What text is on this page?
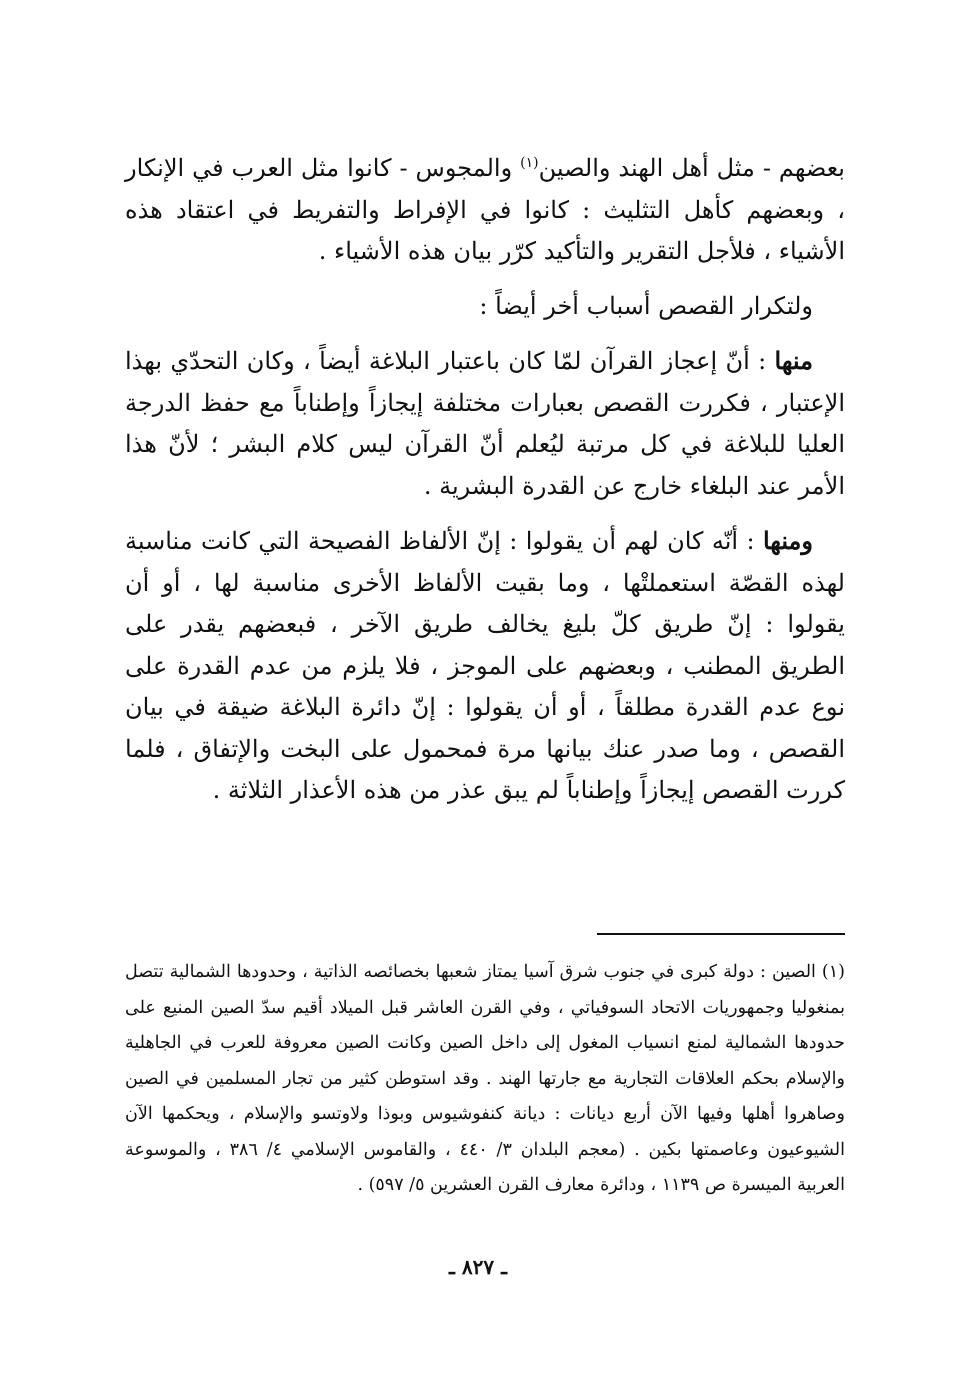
بعضهم - مثل أهل الهند والصين$^{(١)}$ والمجوس - كانوا مثل العرب في الإنكار ، وبعضهم كأهل التثليث : كانوا في الإفراط والتفريط في اعتقاد هذه الأشياء ، فلأجل التقرير والتأكيد كرّر بيان هذه الأشياء .

ولتكرار القصص أسباب أخر أيضاً :

منها : أنّ إعجاز القرآن لمّا كان باعتبار البلاغة أيضاً ، وكان التحدّي بهذا الإعتبار ، فكررت القصص بعبارات مختلفة إيجازاً وإطناباً مع حفظ الدرجة العليا للبلاغة في كل مرتبة ليُعلم أنّ القرآن ليس كلام البشر ؛ لأنّ هذا الأمر عند البلغاء خارج عن القدرة البشرية .

ومنها : أنّه كان لهم أن يقولوا : إنّ الألفاظ الفصيحة التي كانت مناسبة لهذه القصّة استعملتْها ، وما بقيت الألفاظ الأخرى مناسبة لها ، أو أن يقولوا : إنّ طريق كلّ بليغ يخالف طريق الآخر ، فبعضهم يقدر على الطريق المطنب ، وبعضهم على الموجز ، فلا يلزم من عدم القدرة على نوع عدم القدرة مطلقاً ، أو أن يقولوا : إنّ دائرة البلاغة ضيقة في بيان القصص ، وما صدر عنك بيانها مرة فمحمول على البخت والإتفاق ، فلما كررت القصص إيجازاً وإطناباً لم يبق عذر من هذه الأعذار الثلاثة .

(١) الصين : دولة كبرى في جنوب شرق آسيا يمتاز شعبها بخصائصه الذاتية ، وحدودها الشمالية تتصل بمنغوليا وجمهوريات الاتحاد السوفياتي ، وفي القرن العاشر قبل الميلاد أقيم سدّ الصين المنيع على حدودها الشمالية لمنع انسياب المغول إلى داخل الصين وكانت الصين معروفة للعرب في الجاهلية والإسلام بحكم العلاقات التجارية مع جارتها الهند . وقد استوطن كثير من تجار المسلمين في الصين وصاهروا أهلها وفيها الآن أربع ديانات : ديانة كنفوشيوس وبوذا ولاوتسو والإسلام ، ويحكمها الآن الشيوعيون وعاصمتها بكين . (معجم البلدان ٣/ ٤٤٠ ، والقاموس الإسلامي ٤/ ٣٨٦ ، والموسوعة العربية الميسرة ص ١١٣٩ ، ودائرة معارف القرن العشرين ٥/ ٥٩٧) .

ـ ٨٢٧ ـ
